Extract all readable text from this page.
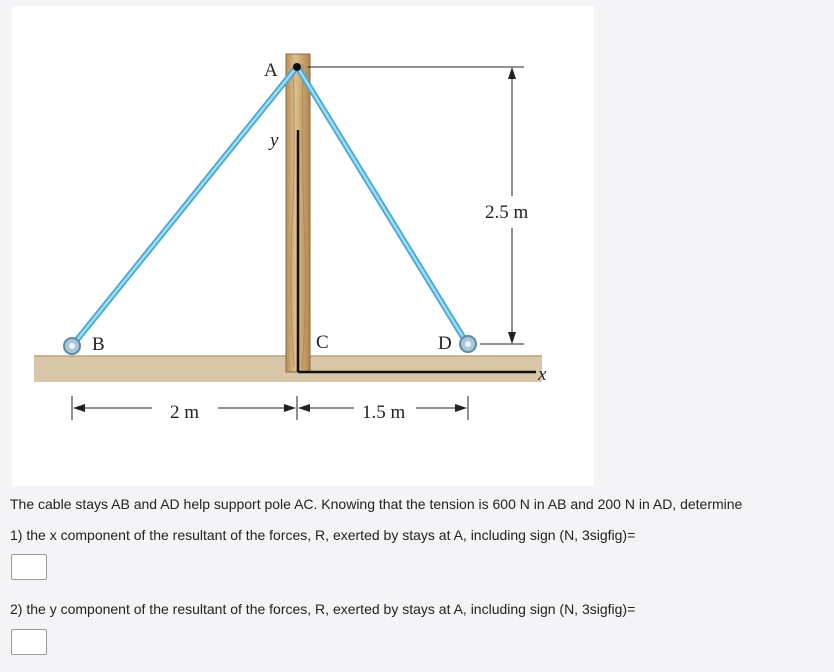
A
B	C	D
y
x
2.5 m
2 m	1.5 m
The cable stays AB and AD help support pole AC. Knowing that the tension is 600 N in AB and 200 N in AD, determine
1) the x component of the resultant of the forces, R, exerted by stays at A, including sign (N, 3sigfig)=
2) the y component of the resultant of the forces, R, exerted by stays at A, including sign (N, 3sigfig)=
